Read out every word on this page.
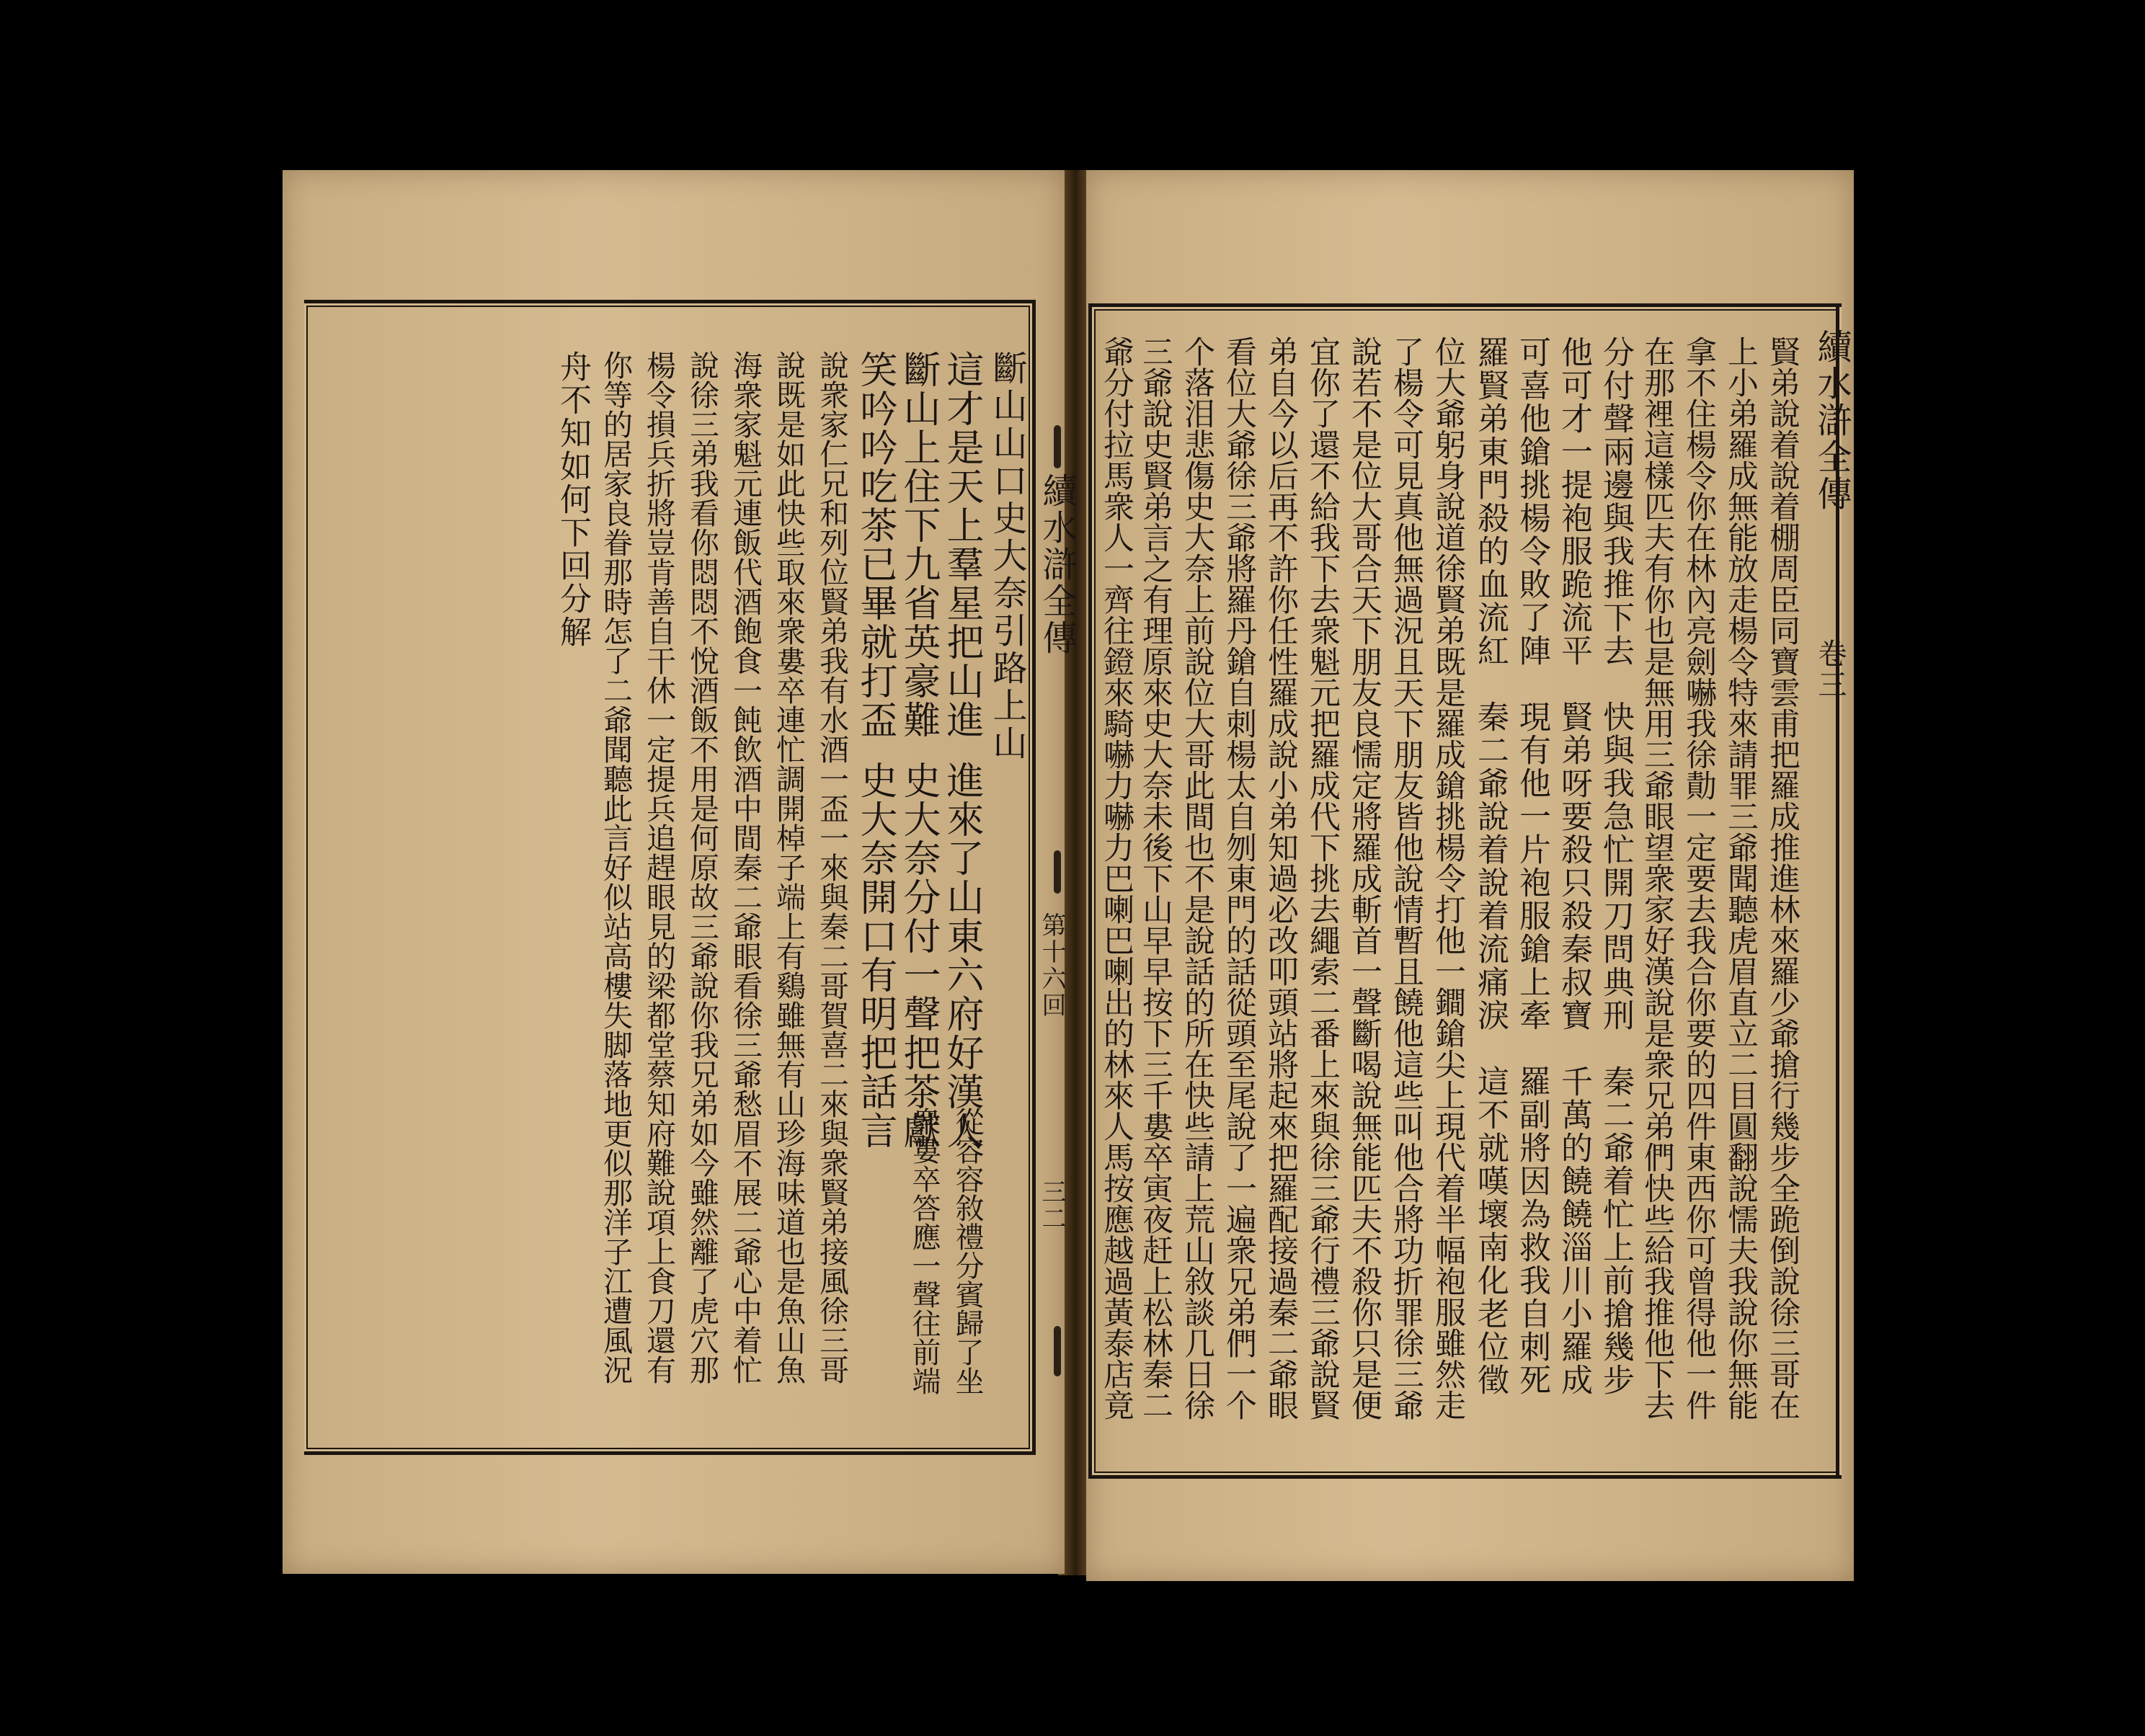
續水滸全傳
第十六回
三二
斷山山口史大奈引路上山
這才是天上羣星把山進
斷山上住下九省英豪難
笑吟吟吃茶已畢就打盃
進來了山東六府好漢人
史大奈分付一聲把茶獻
史大奈開口有明把話言
從容容敘禮分賓歸了坐
衆婁卒答應一聲往前端
說衆家仁兄和列位賢弟我有水酒一盃一來與秦二哥賀喜二來與衆賢弟接風徐三哥
說既是如此快些取來衆婁卒連忙調開棹子端上有鷄雖無有山珍海味道也是魚山魚
海衆家魁元連飯代酒飽食一飩飲酒中間秦二爺眼看徐三爺愁眉不展二爺心中着忙
說徐三弟我看你悶悶不悅酒飯不用是何原故三爺說你我兄弟如今雖然離了虎穴那
楊令損兵折將豈肯善自干休一定提兵追趕眼見的梁都堂蔡知府難說項上食刀還有
你等的居家良眷那時怎了二爺聞聽此言好似站高樓失脚落地更似那洋子江遭風況
舟不知如何下回分解	續水滸全傳
卷三
賢弟說着說着棚周臣同寶雲甫把羅成推進林來羅少爺搶行幾步全跪倒說徐三哥在
上小弟羅成無能放走楊令特來請罪三爺聞聽虎眉直立二目圓翻說懦夫我說你無能
拿不住楊令你在林內亮劍嚇我徐勣一定要去我合你要的四件東西你可曾得他一件
在那裡這樣匹夫有你也是無用三爺眼望衆家好漢說是衆兄弟們快些給我推他下去
分付聲兩邊與我推下去　快與我急忙開刀問典刑　秦二爺着忙上前搶幾步
他可才一提袍服跪流平　賢弟呀要殺只殺秦叔寶　千萬的饒饒淄川小羅成
可喜他鎗挑楊令敗了陣　現有他一片袍服鎗上牽　羅副將因為救我自刺死
羅賢弟東門殺的血流紅　秦二爺說着說着流痛淚　這不就嘆壞南化老位徵
位大爺躬身說道徐賢弟既是羅成鎗挑楊令打他一鐧鎗尖上現代着半幅袍服雖然走
了楊令可見真他無過況且天下朋友皆他說情暫且饒他這些叫他合將功折罪徐三爺
說若不是位大哥合天下朋友良懦定將羅成斬首一聲斷喝說無能匹夫不殺你只是便
宜你了還不給我下去衆魁元把羅成代下挑去繩索二番上來與徐三爺行禮三爺說賢
弟自今以后再不許你任性羅成說小弟知過必改叩頭站將起來把羅配接過秦二爺眼
看位大爺徐三爺將羅丹鎗自刺楊太自刎東門的話從頭至尾說了一遍衆兄弟們一个
个落泪悲傷史大奈上前說位大哥此間也不是說話的所在快些請上荒山敘談几日徐
三爺說史賢弟言之有理原來史大奈未後下山早早按下三千婁卒寅夜赶上松林秦二
爺分付拉馬衆人一齊往鐙來騎嚇力嚇力巴喇巴喇出的林來人馬按應越過黃泰店竟
